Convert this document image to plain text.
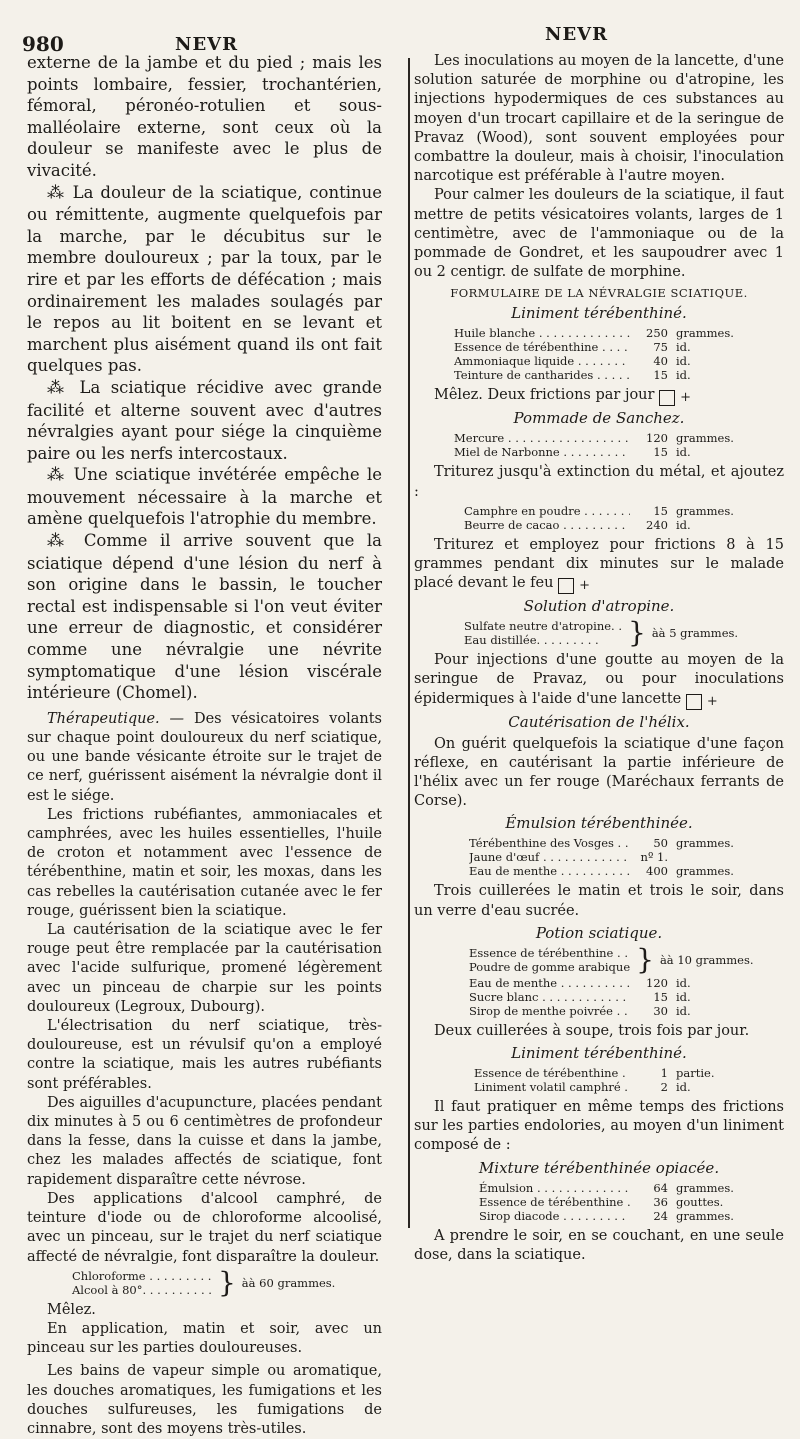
980	NEVR	NEVR

externe de la jambe et du pied ; mais les points lombaire, fessier, trochantérien, fémoral, péronéo-rotulien et sous-malléolaire externe, sont ceux où la douleur se manifeste avec le plus de vivacité.

⁂ La douleur de la sciatique, continue ou rémittente, augmente quelquefois par la marche, par le décubitus sur le membre douloureux ; par la toux, par le rire et par les efforts de défécation ; mais ordinairement les malades soulagés par le repos au lit boitent en se levant et marchent plus aisément quand ils ont fait quelques pas.

⁂ La sciatique récidive avec grande facilité et alterne souvent avec d'autres névralgies ayant pour siége la cinquième paire ou les nerfs intercostaux.

⁂ Une sciatique invétérée empêche le mouvement nécessaire à la marche et amène quelquefois l'atrophie du membre.

⁂ Comme il arrive souvent que la sciatique dépend d'une lésion du nerf à son origine dans le bassin, le toucher rectal est indispensable si l'on veut éviter une erreur de diagnostic, et considérer comme une névralgie une névrite symptomatique d'une lésion viscérale intérieure (Chomel).

Thérapeutique. — Des vésicatoires volants sur chaque point douloureux du nerf sciatique, ou une bande vésicante étroite sur le trajet de ce nerf, guérissent aisément la névralgie dont il est le siége.

Les frictions rubéfiantes, ammoniacales et camphrées, avec les huiles essentielles, l'huile de croton et notamment avec l'essence de térébenthine, matin et soir, les moxas, dans les cas rebelles la cautérisation cutanée avec le fer rouge, guérissent bien la sciatique.

La cautérisation de la sciatique avec le fer rouge peut être remplacée par la cautérisation avec l'acide sulfurique, promené légèrement avec un pinceau de charpie sur les points douloureux (Legroux, Dubourg).

L'électrisation du nerf sciatique, très-douloureuse, est un révulsif qu'on a employé contre la sciatique, mais les autres rubéfiants sont préférables.

Des aiguilles d'acupuncture, placées pendant dix minutes à 5 ou 6 centimètres de profondeur dans la fesse, dans la cuisse et dans la jambe, chez les malades affectés de sciatique, font rapidement disparaître cette névrose.

Des applications d'alcool camphré, de teinture d'iode ou de chloroforme alcoolisé, avec un pinceau, sur le trajet du nerf sciatique affecté de névralgie, font disparaître la douleur.

Chloroforme . . . . . . . . .
Alcool à 80°. . . . . . . . . . } àà 60 grammes.

Mêlez.

En application, matin et soir, avec un pinceau sur les parties douloureuses.

Les bains de vapeur simple ou aromatique, les douches aromatiques, les fumigations et les douches sulfureuses, les fumigations de cinnabre, sont des moyens très-utiles.

Les inoculations au moyen de la lancette, d'une solution saturée de morphine ou d'atropine, les injections hypodermiques de ces substances au moyen d'un trocart capillaire et de la seringue de Pravaz (Wood), sont souvent employées pour combattre la douleur, mais à choisir, l'inoculation narcotique est préférable à l'autre moyen.

Pour calmer les douleurs de la sciatique, il faut mettre de petits vésicatoires volants, larges de 1 centimètre, avec de l'ammoniaque ou de la pommade de Gondret, et les saupoudrer avec 1 ou 2 centigr. de sulfate de morphine.

FORMULAIRE DE LA NÉVRALGIE SCIATIQUE.
Liniment térébenthiné.
Huile blanche . . .	250 grammes.
Essence de térébenthine . . .	75 id.
Ammoniaque liquide . . .	40 id.
Teinture de cantharides . . .	15 id.

Mêlez. Deux frictions par jour +

Pommade de Sanchez.
Mercure . . .	120 grammes.
Miel de Narbonne . . .	15 id.

Triturez jusqu'à extinction du métal, et ajoutez :

Camphre en poudre . . .	15 grammes.
Beurre de cacao . . .	240 id.

Triturez et employez pour frictions 8 à 15 grammes pendant dix minutes sur le malade placé devant le feu +

Solution d'atropine.
Sulfate neutre d'atropine. .
Eau distillée. . . . . . . . .	} àà 5 grammes.

Pour injections d'une goutte au moyen de la seringue de Pravaz, ou pour inoculations épidermiques à l'aide d'une lancette +

Cautérisation de l'hélix.

On guérit quelquefois la sciatique d'une façon réflexe, en cautérisant la partie inférieure de l'hélix avec un fer rouge (Maréchaux ferrants de Corse).

Émulsion térébenthinée.
Térébenthine des Vosges . . .	50 grammes.
Jaune d'œuf . . .	nº 1.
Eau de menthe . . .	400 grammes.

Trois cuillerées le matin et trois le soir, dans un verre d'eau sucrée.

Potion sciatique.
Essence de térébenthine . .
Poudre de gomme arabique } àà 10 grammes.
Eau de menthe . . .	120 id.
Sucre blanc . . .	15 id.
Sirop de menthe poivrée . . .	30 id.

Deux cuillerées à soupe, trois fois par jour.

Liniment térébenthiné.
Essence de térébenthine . . .	1 partie.
Liniment volatil camphré . . .	2 id.

Il faut pratiquer en même temps des frictions sur les parties endolories, au moyen d'un liniment composé de :

Mixture térébenthinée opiacée.
Émulsion . . .	64 grammes.
Essence de térébenthine . . .	36 gouttes.
Sirop diacode . . .	24 grammes.

A prendre le soir, en se couchant, en une seule dose, dans la sciatique.
